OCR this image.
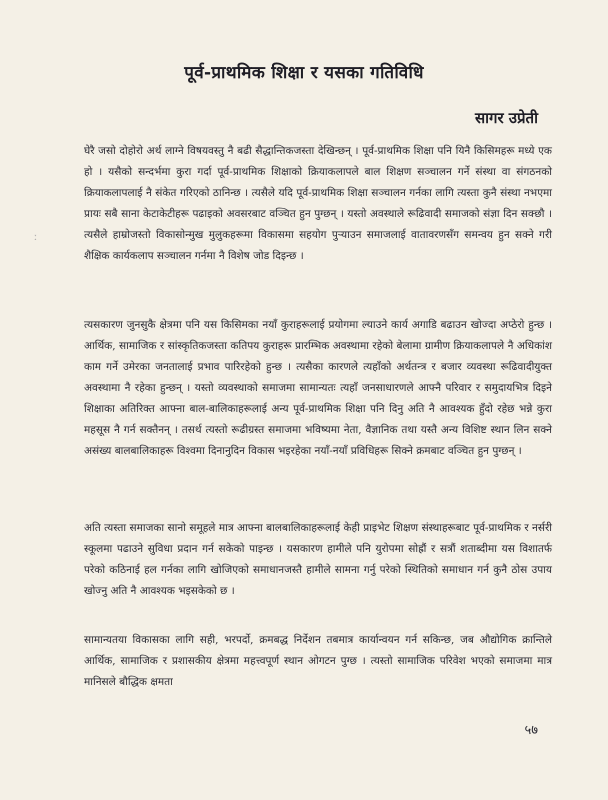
पूर्व-प्राथमिक शिक्षा र यसका गतिविधि
सागर उप्रेती

घेरै जसो दोहोरो अर्थ लाग्ने विषयवस्तु नै बढी सैद्धान्तिकजस्ता देखिन्छन् । पूर्व-प्राथमिक शिक्षा पनि यिनै किसिमहरू मध्ये एक हो । यसैको सन्दर्भमा कुरा गर्दा पूर्व-प्राथमिक शिक्षाको क्रियाकलापले बाल शिक्षण सञ्चालन गर्ने संस्था वा संगठनको क्रियाकलापलाई नै संकेत गरिएको ठानिन्छ । त्यसैले यदि पूर्व-प्राथमिक शिक्षा सञ्चालन गर्नका लागि त्यस्ता कुनै संस्था नभएमा प्रायः सबै साना केटाकेटीहरू पढाइको अवसरबाट वञ्चित हुन पुग्छन् । यस्तो अवस्थाले रूढिवादी समाजको संज्ञा दिन सक्छौ । त्यसैले हाम्रोजस्तो विकासोन्मुख मुलुकहरूमा विकासमा सहयोग पुऱ्याउन समाजलाई वातावरणसँग समन्वय हुन सक्ने गरी शैक्षिक कार्यकलाप सञ्चालन गर्नमा नै विशेष जोड दिइन्छ ।

त्यसकारण जुनसुकै क्षेत्रमा पनि यस किसिमका नयाँ कुराहरूलाई प्रयोगमा ल्याउने कार्य अगाडि बढाउन खोज्दा अप्ठेरो हुन्छ । आर्थिक, सामाजिक र सांस्कृतिकजस्ता कतिपय कुराहरू प्रारम्भिक अवस्थामा रहेको बेलामा ग्रामीण क्रियाकलापले नै अधिकांश काम गर्ने उमेरका जनतालाई प्रभाव पारिरहेको हुन्छ । त्यसैका कारणले त्यहाँको अर्थतन्त्र र बजार व्यवस्था रूढिवादीयुक्त अवस्थामा नै रहेका हुन्छन् । यस्तो व्यवस्थाको समाजमा सामान्यतः त्यहाँ जनसाधारणले आफ्नै परिवार र समुदायभित्र दिइने शिक्षाका अतिरिक्त आफ्ना बाल-बालिकाहरूलाई अन्य पूर्व-प्राथमिक शिक्षा पनि दिनु अति नै आवश्यक हुँदो रहेछ भन्ने कुरा महसूस नै गर्न सक्तैनन् । तसर्थ त्यस्तो रूढीग्रस्त समाजमा भविष्यमा नेता, वैज्ञानिक तथा यस्तै अन्य विशिष्ट स्थान लिन सक्ने असंख्य बालबालिकाहरू विश्वमा दिनानुदिन विकास भइरहेका नयाँ-नयाँ प्रविधिहरू सिक्ने क्रमबाट वञ्चित हुन पुग्छन् ।

अति त्यस्ता समाजका सानो समूहले मात्र आफ्ना बालबालिकाहरूलाई केही प्राइभेट शिक्षण संस्थाहरूबाट पूर्व-प्राथमिक र नर्सरी स्कूलमा पढाउने सुविधा प्रदान गर्न सकेको पाइन्छ । यसकारण हामीले पनि युरोपमा सोह्रौं र सत्रौं शताब्दीमा यस विशातर्फ परेको कठिनाई हल गर्नका लागि खोजिएको समाधानजस्तै हामीले सामना गर्नु परेको स्थितिको समाधान गर्न कुनै ठोस उपाय खोज्नु अति नै आवश्यक भइसकेको छ ।

सामान्यतया विकासका लागि सही, भरपर्दो, क्रमबद्ध निर्देशन तबमात्र कार्यान्वयन गर्न सकिन्छ, जब औद्योगिक क्रान्तिले आर्थिक, सामाजिक र प्रशासकीय क्षेत्रमा महत्त्वपूर्ण स्थान ओगटन पुग्छ । त्यस्तो सामाजिक परिवेश भएको समाजमा मात्र मानिसले बौद्धिक क्षमता

५७
ː
